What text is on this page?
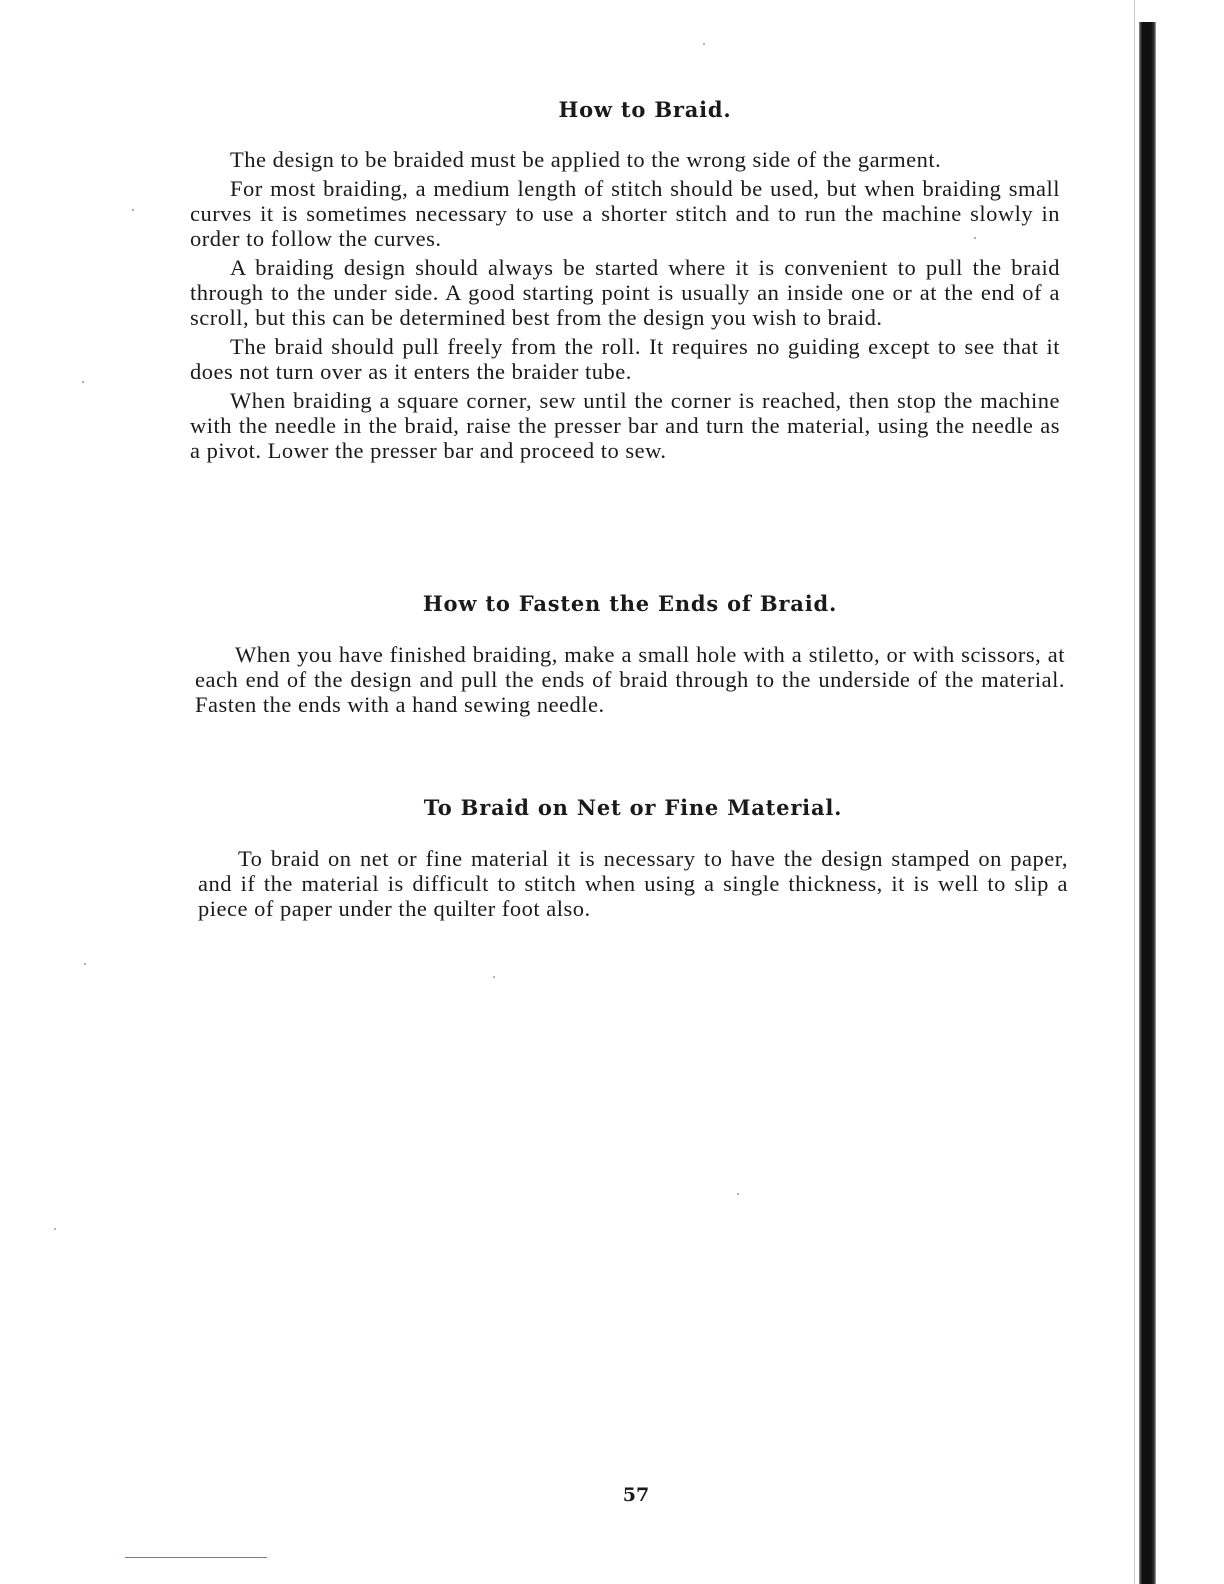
How to Braid.

The design to be braided must be applied to the wrong side of the garment.

For most braiding, a medium length of stitch should be used, but when braiding small curves it is sometimes necessary to use a shorter stitch and to run the machine slowly in order to follow the curves.

A braiding design should always be started where it is convenient to pull the braid through to the under side. A good starting point is usually an inside one or at the end of a scroll, but this can be determined best from the design you wish to braid.

The braid should pull freely from the roll. It requires no guiding except to see that it does not turn over as it enters the braider tube.

When braiding a square corner, sew until the corner is reached, then stop the machine with the needle in the braid, raise the presser bar and turn the material, using the needle as a pivot. Lower the presser bar and proceed to sew.

How to Fasten the Ends of Braid.

When you have finished braiding, make a small hole with a stiletto, or with scissors, at each end of the design and pull the ends of braid through to the underside of the material. Fasten the ends with a hand sewing needle.

To Braid on Net or Fine Material.

To braid on net or fine material it is necessary to have the design stamped on paper, and if the material is difficult to stitch when using a single thickness, it is well to slip a piece of paper under the quilter foot also.

57
